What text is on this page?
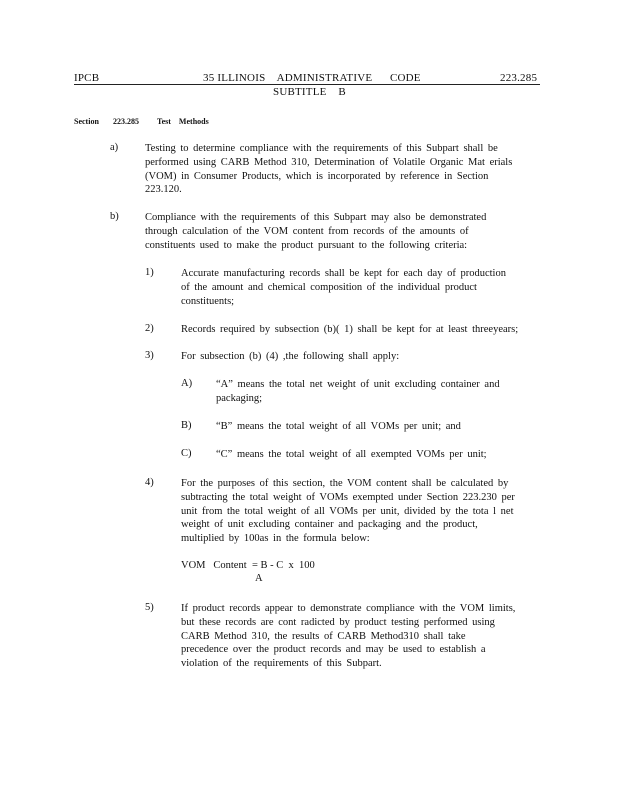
IPCB	35 ILLINOIS    ADMINISTRATIVE      CODE	223.285
SUBTITLE    B
Section 223.285 Test    Methods
a)	Testing to determine compliance with the requirements of this Subpart shall be
performed using CARB Method 310, Determination of Volatile Organic Mat erials
(VOM) in Consumer Products, which is incorporated by reference in Section
223.120.
b)	Compliance with the requirements of this Subpart may also be demonstrated
through calculation of the VOM content from records of the amounts of
constituents used to make the product pursuant to the following criteria:
1)	Accurate manufacturing records shall be kept for each day of production
of the amount and chemical composition of the individual product
constituents;
2)	Records required by subsection (b)( 1) shall be kept for at least threeyears;
3)	For subsection (b) (4) ,the following shall apply:
A) “A” means the total net weight of unit excluding container and
packaging;
B) “B” means the total weight of all VOMs per unit; and
C) “C” means the total weight of all exempted VOMs per unit;
4)	For the purposes of this section, the VOM content shall be calculated by
subtracting the total weight of VOMs exempted under Section 223.230 per
unit from the total weight of all VOMs per unit, divided by the tota l net
weight of unit excluding container and packaging and the product,
multiplied by 100as in the formula below:
VOM   Content = B - C  x  100
A
5)	If product records appear to demonstrate compliance with the VOM limits,
but these records are cont radicted by product testing performed using
CARB Method 310, the results of CARB Method310 shall take
precedence over the product records and may be used to establish a
violation of the requirements of this Subpart.
